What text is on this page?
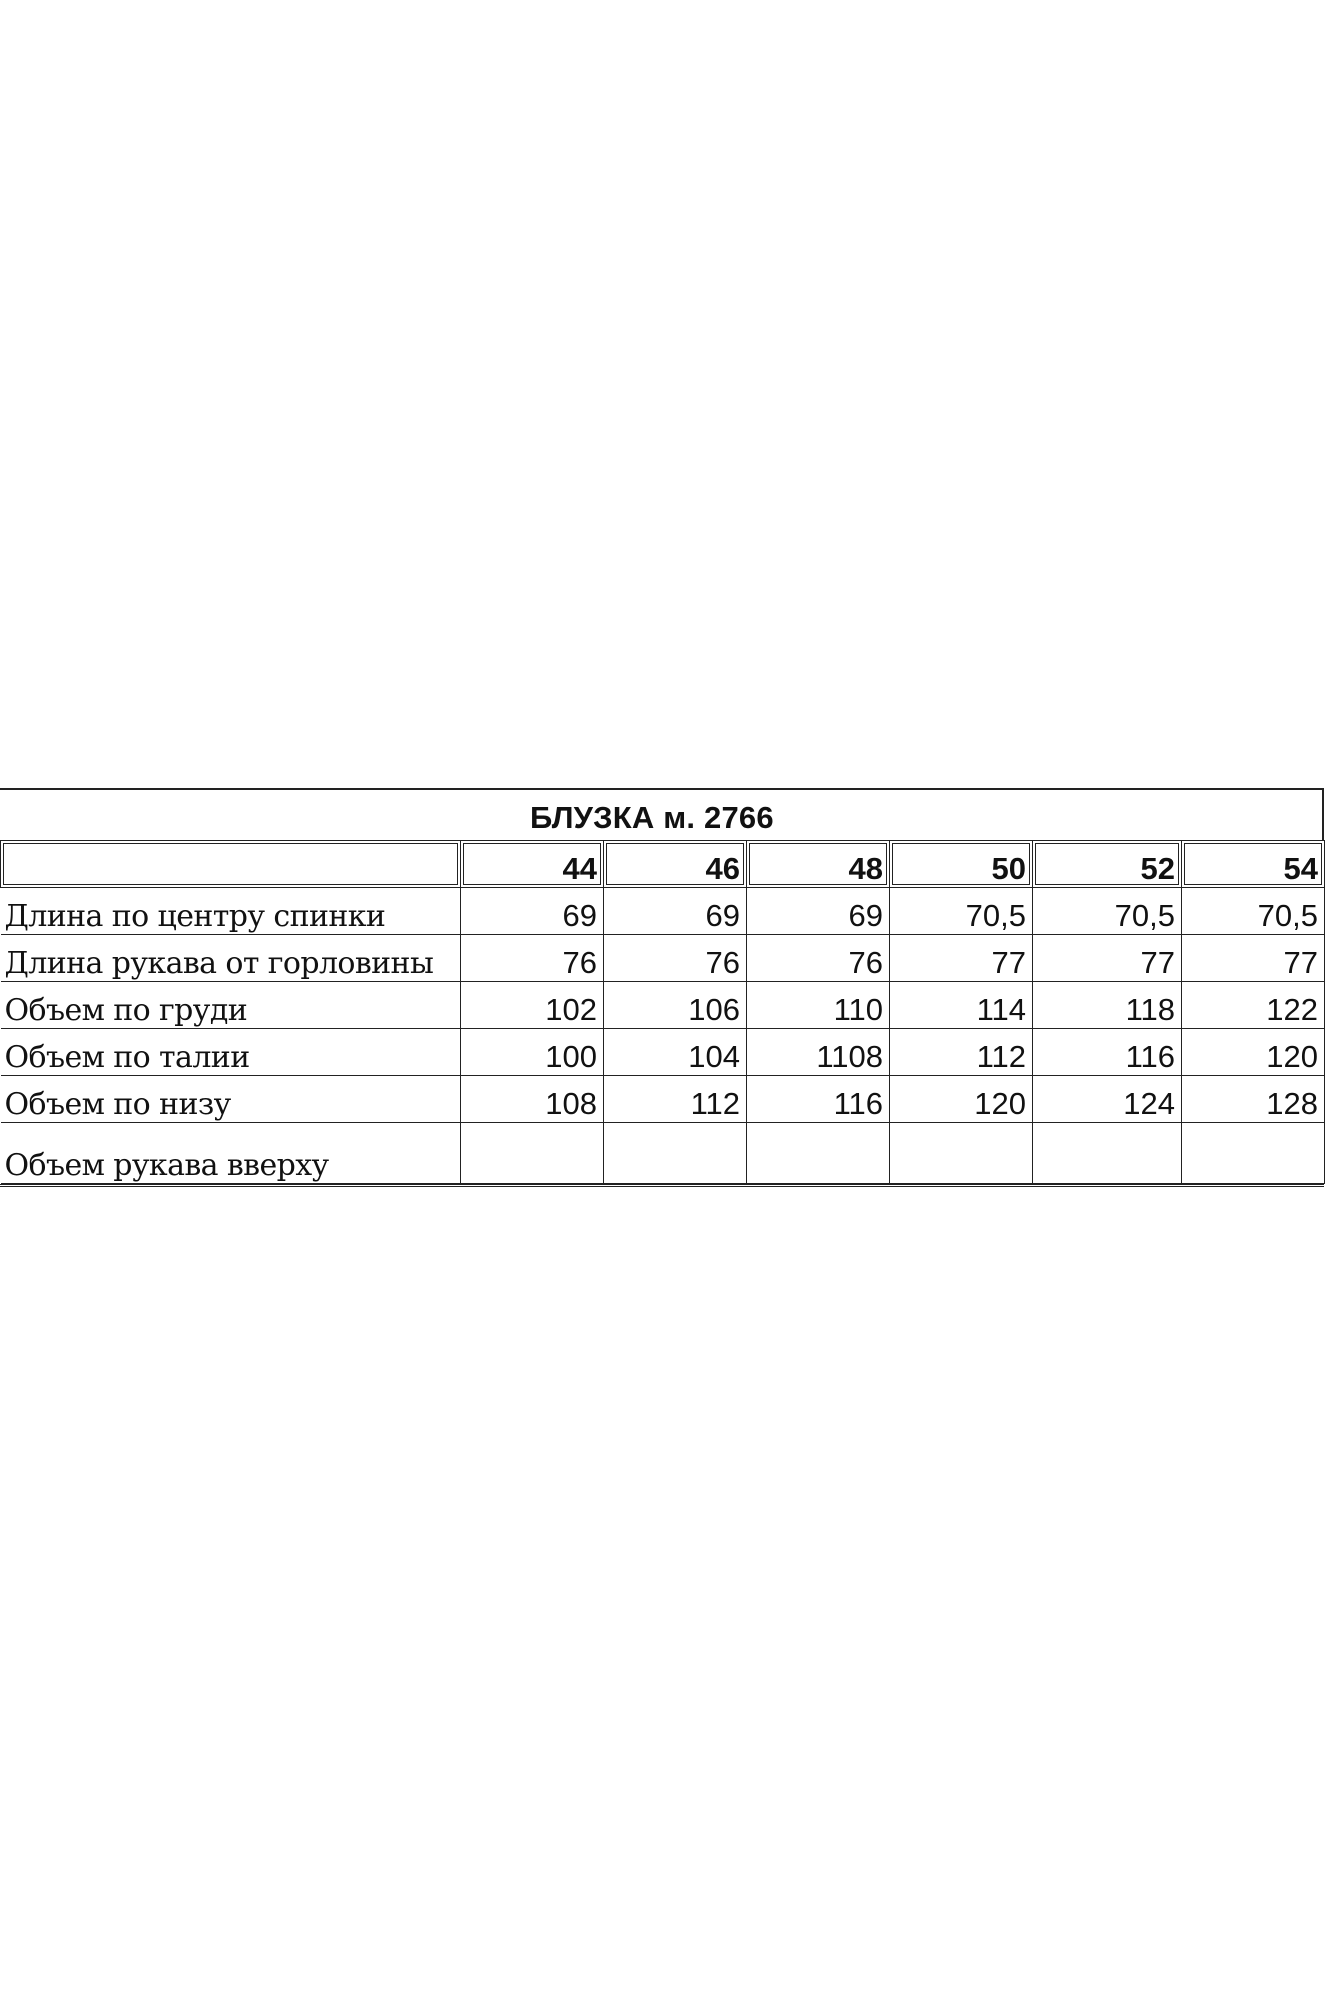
БЛУЗКА м. 2766
	44	46	48	50	52	54
Длина по центру спинки	69	69	69	70,5	70,5	70,5
Длина рукава от горловины	76	76	76	77	77	77
Объем по груди	102	106	110	114	118	122
Объем по талии	100	104	1108	112	116	120
Объем по низу	108	112	116	120	124	128
Объем рукава вверху						
